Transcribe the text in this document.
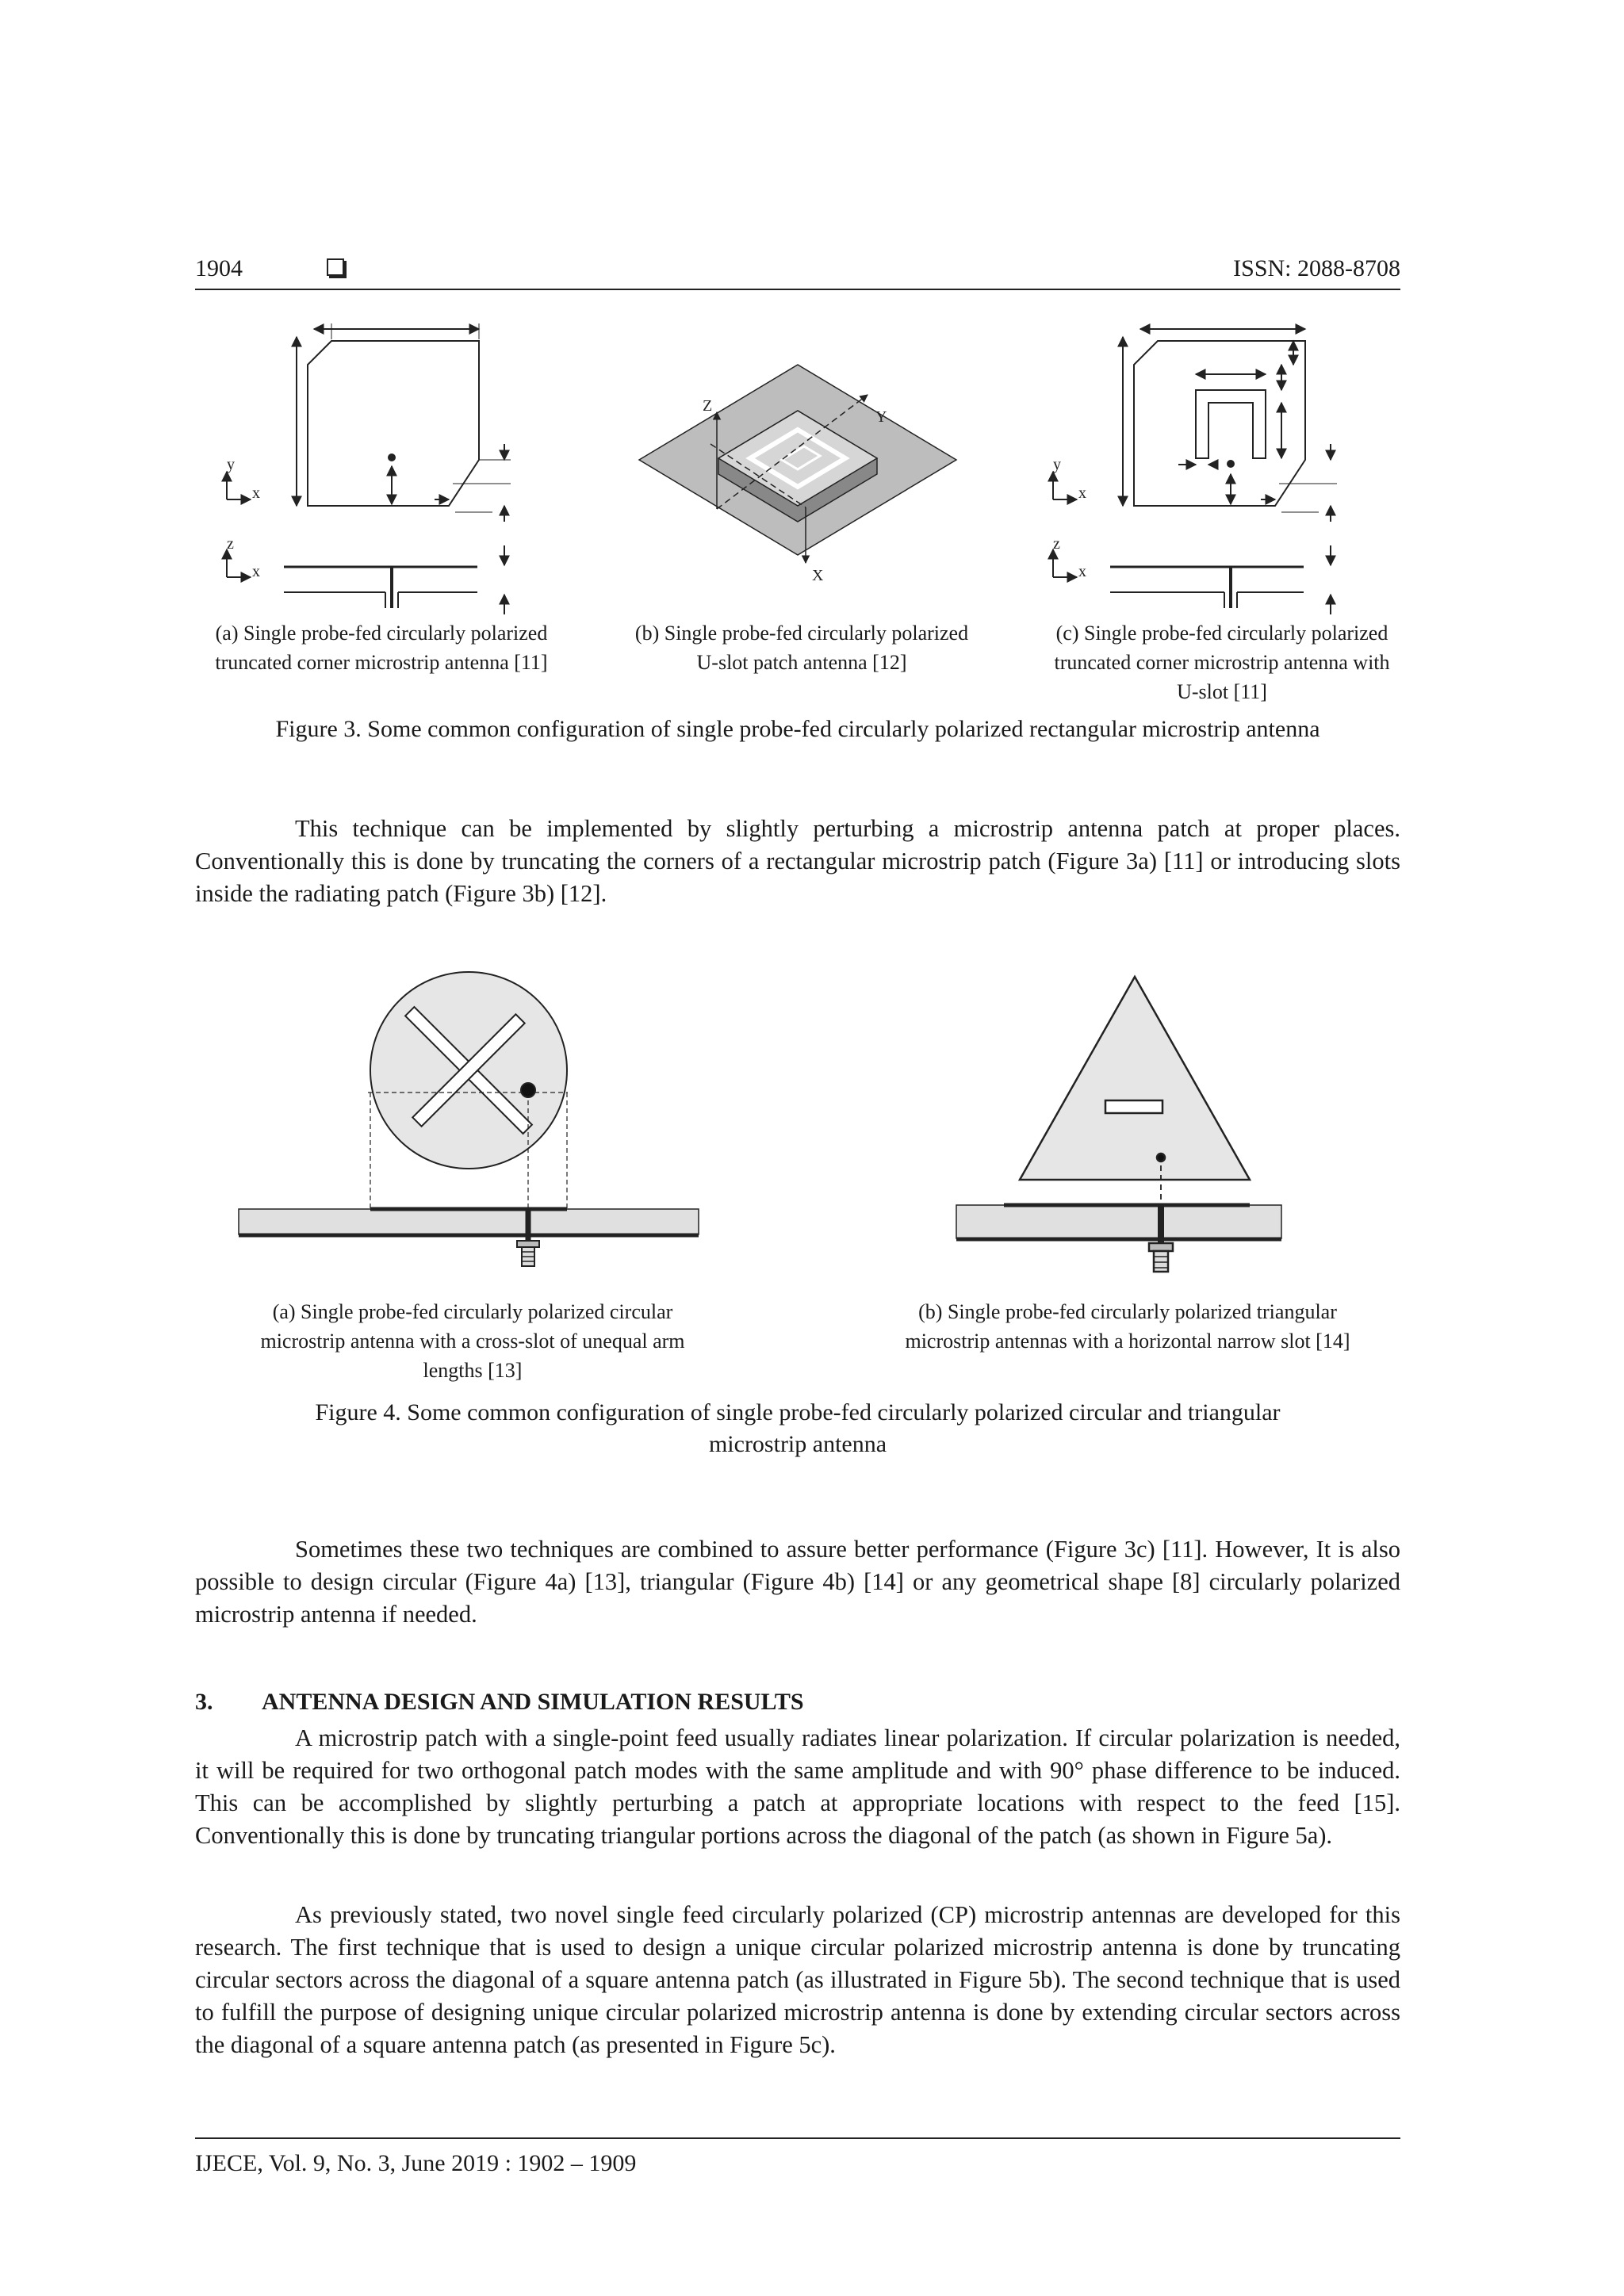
1904	ISSN: 2088-8708
y
x
z
x
Z
Y
X
y
x
z
x
(a) Single probe-fed circularly polarized
truncated corner microstrip antenna [11]
(b) Single probe-fed circularly polarized
U-slot patch antenna [12]
(c) Single probe-fed circularly polarized
truncated corner microstrip antenna with
U-slot [11]
Figure 3. Some common configuration of single probe-fed circularly polarized rectangular microstrip antenna
This technique can be implemented by slightly perturbing a microstrip antenna patch at proper places. Conventionally this is done by truncating the corners of a rectangular microstrip patch (Figure 3a) [11] or introducing slots inside the radiating patch (Figure 3b) [12].
(a) Single probe-fed circularly polarized circular
microstrip antenna with a cross-slot of unequal arm
lengths [13]
(b) Single probe-fed circularly polarized triangular
microstrip antennas with a horizontal narrow slot [14]
Figure 4. Some common configuration of single probe-fed circularly polarized circular and triangular
microstrip antenna
Sometimes these two techniques are combined to assure better performance (Figure 3c) [11]. However, It is also possible to design circular (Figure 4a) [13], triangular (Figure 4b) [14] or any geometrical shape [8] circularly polarized microstrip antenna if needed.
3. ANTENNA DESIGN AND SIMULATION RESULTS
A microstrip patch with a single-point feed usually radiates linear polarization. If circular polarization is needed, it will be required for two orthogonal patch modes with the same amplitude and with 90° phase difference to be induced. This can be accomplished by slightly perturbing a patch at appropriate locations with respect to the feed [15]. Conventionally this is done by truncating triangular portions across the diagonal of the patch (as shown in Figure 5a).
As previously stated, two novel single feed circularly polarized (CP) microstrip antennas are developed for this research. The first technique that is used to design a unique circular polarized microstrip antenna is done by truncating circular sectors across the diagonal of a square antenna patch (as illustrated in Figure 5b). The second technique that is used to fulfill the purpose of designing unique circular polarized microstrip antenna is done by extending circular sectors across the diagonal of a square antenna patch (as presented in Figure 5c).
IJECE, Vol. 9, No. 3, June 2019 : 1902 – 1909
